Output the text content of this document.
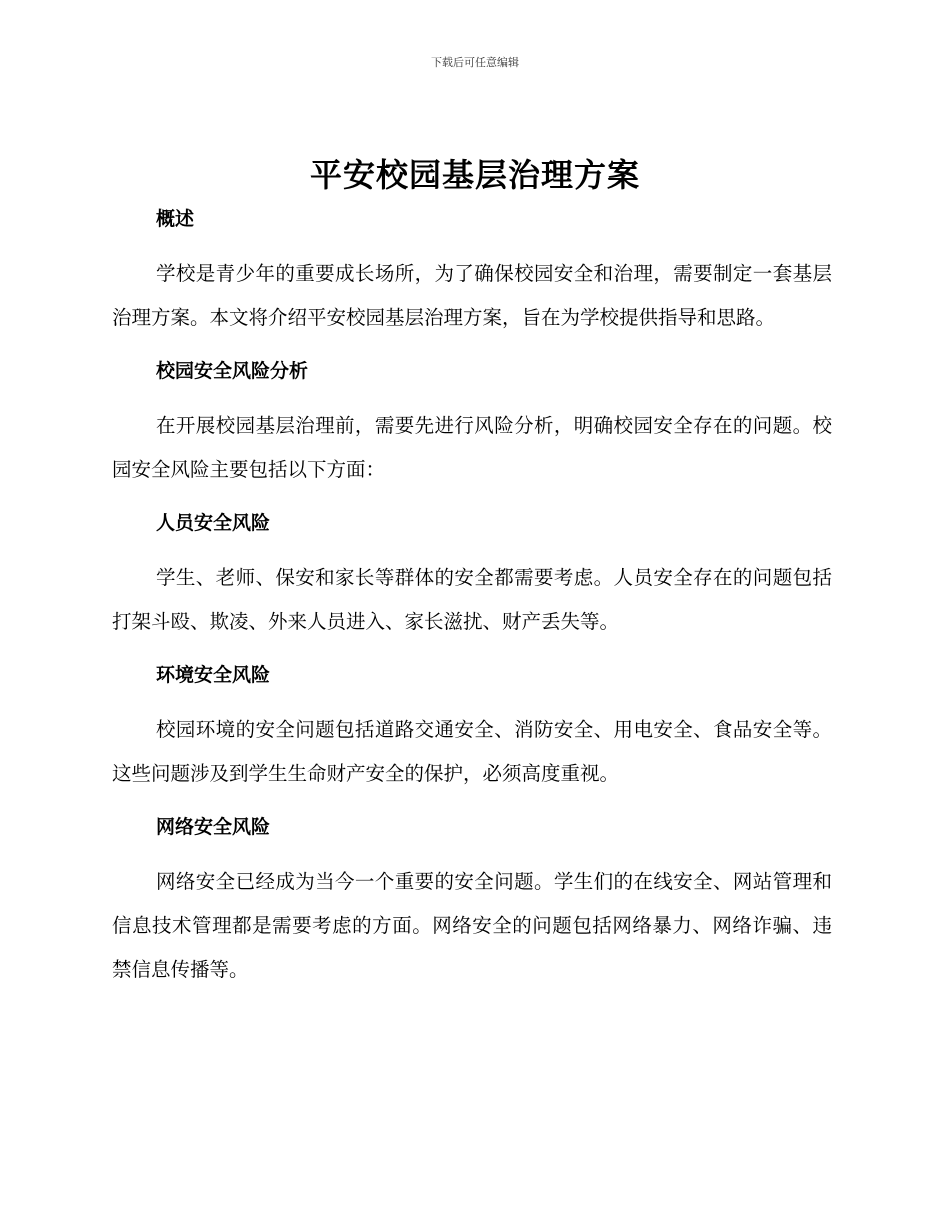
下载后可任意编辑
平安校园基层治理方案
概述

学校是青少年的重要成长场所，为了确保校园安全和治理，需要制定一套基层治理方案。本文将介绍平安校园基层治理方案，旨在为学校提供指导和思路。

校园安全风险分析

在开展校园基层治理前，需要先进行风险分析，明确校园安全存在的问题。校园安全风险主要包括以下方面：

人员安全风险

学生、老师、保安和家长等群体的安全都需要考虑。人员安全存在的问题包括打架斗殴、欺凌、外来人员进入、家长滋扰、财产丢失等。

环境安全风险

校园环境的安全问题包括道路交通安全、消防安全、用电安全、食品安全等。这些问题涉及到学生生命财产安全的保护，必须高度重视。

网络安全风险

网络安全已经成为当今一个重要的安全问题。学生们的在线安全、网站管理和信息技术管理都是需要考虑的方面。网络安全的问题包括网络暴力、网络诈骗、违禁信息传播等。
